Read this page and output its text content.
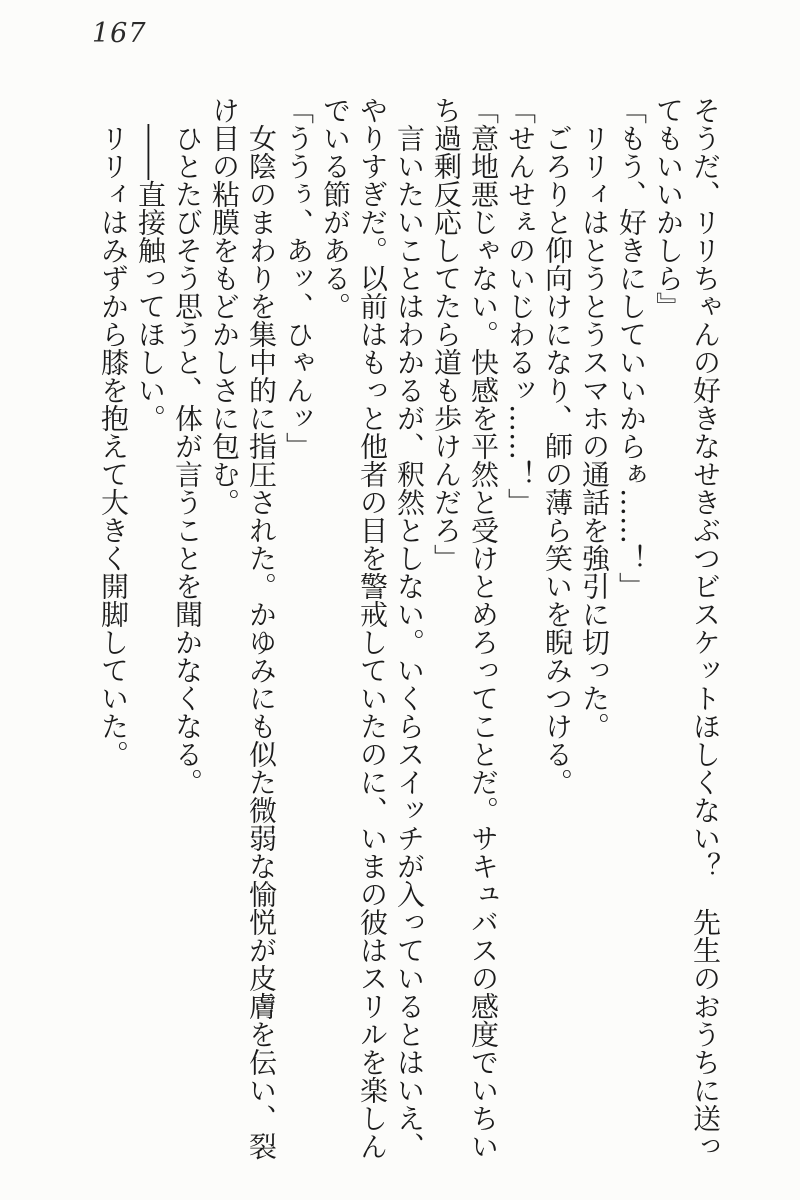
167

そうだ、リリちゃんの好きなせきぶつビスケットほしくない？　先生のおうちに送ってもいいかしら』

「もう、好きにしていいからぁ……！」

リリィはとうとうスマホの通話を強引に切った。

ごろりと仰向けになり、師の薄ら笑いを睨みつける。

「せんせぇのいじわるッ……！」

「意地悪じゃない。快感を平然と受けとめろってことだ。サキュバスの感度でいちいち過剰反応してたら道も歩けんだろ」

言いたいことはわかるが、釈然としない。いくらスイッチが入っているとはいえ、やりすぎだ。以前はもっと他者の目を警戒していたのに、いまの彼はスリルを楽しんでいる節がある。

「ううぅ、あッ、ひゃんッ」

女陰のまわりを集中的に指圧された。かゆみにも似た微弱な愉悦が皮膚を伝い、裂け目の粘膜をもどかしさに包む。

ひとたびそう思うと、体が言うことを聞かなくなる。

――直接触ってほしい。

リリィはみずから膝を抱えて大きく開脚していた。
